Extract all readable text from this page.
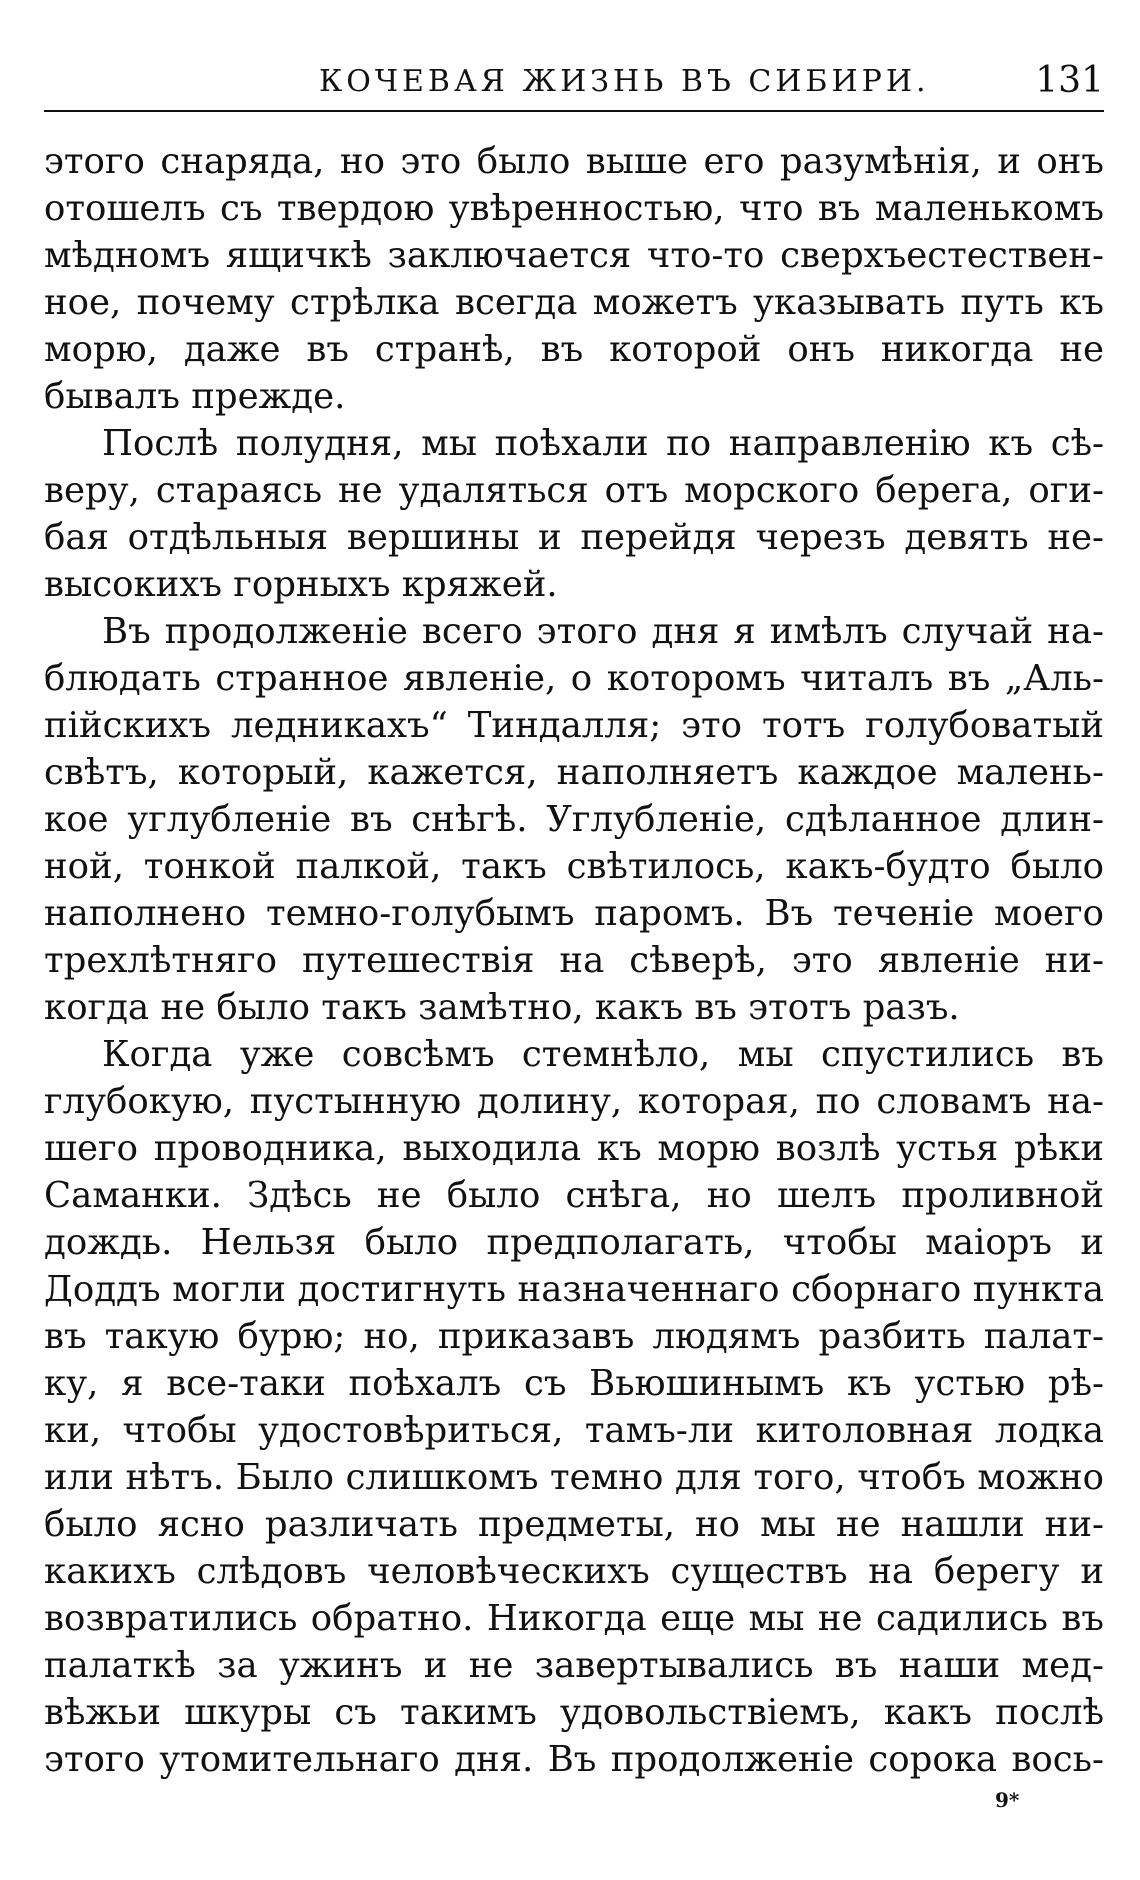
КОЧЕВАЯ ЖИЗНЬ ВЪ СИБИРИ.	131
этого снаряда, но это было выше его разумѣнія, и онъ
отошелъ съ твердою увѣренностью, что въ маленькомъ
мѣдномъ ящичкѣ заключается что-то сверхъестествен-
ное, почему стрѣлка всегда можетъ указывать путь къ
морю, даже въ странѣ, въ которой онъ никогда не
бывалъ прежде.
Послѣ полудня, мы поѣхали по направленію къ сѣ-
веру, стараясь не удаляться отъ морского берега, оги-
бая отдѣльныя вершины и перейдя черезъ девять не-
высокихъ горныхъ кряжей.
Въ продолженіе всего этого дня я имѣлъ случай на-
блюдать странное явленіе, о которомъ читалъ въ „Аль-
пійскихъ ледникахъ“ Тиндалля; это тотъ голубоватый
свѣтъ, который, кажется, наполняетъ каждое малень-
кое углубленіе въ снѣгѣ. Углубленіе, сдѣланное длин-
ной, тонкой палкой, такъ свѣтилось, какъ-будто было
наполнено темно-голубымъ паромъ. Въ теченіе моего
трехлѣтняго путешествія на сѣверѣ, это явленіе ни-
когда не было такъ замѣтно, какъ въ этотъ разъ.
Когда уже совсѣмъ стемнѣло, мы спустились въ
глубокую, пустынную долину, которая, по словамъ на-
шего проводника, выходила къ морю возлѣ устья рѣки
Саманки. Здѣсь не было снѣга, но шелъ проливной
дождь. Нельзя было предполагать, чтобы маіоръ и
Доддъ могли достигнуть назначеннаго сборнаго пункта
въ такую бурю; но, приказавъ людямъ разбить палат-
ку, я все-таки поѣхалъ съ Вьюшинымъ къ устью рѣ-
ки, чтобы удостовѣриться, тамъ-ли китоловная лодка
или нѣтъ. Было слишкомъ темно для того, чтобъ можно
было ясно различать предметы, но мы не нашли ни-
какихъ слѣдовъ человѣческихъ существъ на берегу и
возвратились обратно. Никогда еще мы не садились въ
палаткѣ за ужинъ и не завертывались въ наши мед-
вѣжьи шкуры съ такимъ удовольствіемъ, какъ послѣ
этого утомительнаго дня. Въ продолженіе сорока вось-
9*
